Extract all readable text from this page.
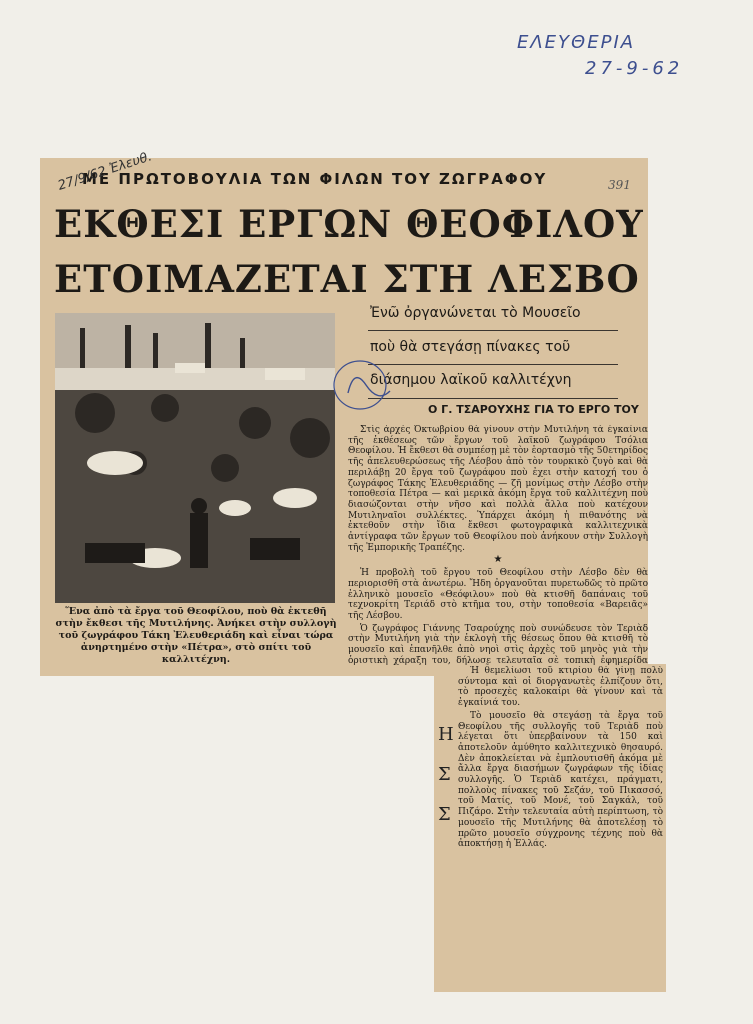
ΕΛΕΥΘΕΡΙΑ
27-9-62
ΜΕ ΠΡΩΤΟΒΟΥΛΙΑ ΤΩΝ ΦΙΛΩΝ ΤΟΥ ΖΩΓΡΑΦΟΥ	391
27/9/62 Ἐλευθ.
ΕΚΘΕΣΙ ΕΡΓΩΝ ΘΕΟΦΙΛΟΥ
ΕΤΟΙΜΑΖΕΤΑΙ ΣΤΗ ΛΕΣΒΟ
Ἕνα ἀπὸ τὰ ἔργα τοῦ Θεοφίλου, ποὺ θὰ ἐκτεθῆ στὴν ἔκθεσι τῆς Μυτιλήνης. Ἀνήκει στὴν συλλογὴ τοῦ ζωγράφου Τάκη Ἐλευθεριάδη καὶ εἶναι τώρα ἀνηρτημένο στὴν «Πέτρα», στὸ σπίτι τοῦ καλλιτέχνη.
Ἐνῶ ὀργανώνεται τὸ Μουσεῖο
ποὺ θὰ στεγάσῃ πίνακες τοῦ
διάσημου λαϊκοῦ καλλιτέχνη
Ο Γ. ΤΣΑΡΟΥΧΗΣ ΓΙΑ ΤΟ ΕΡΓΟ ΤΟΥ

Στὶς ἀρχὲς Ὀκτωβρίου θὰ γίνουν στὴν Μυτιλήνη τὰ ἐγκαίνια τῆς ἐκθέσεως τῶν ἔργων τοῦ λαϊκοῦ ζωγράφου Τσόλια Θεοφίλου. Ἡ ἔκθεσι θὰ συμπέσῃ μὲ τὸν ἑορτασμὸ τῆς 50ετηρίδος τῆς ἀπελευθερώσεως τῆς Λέσβου ἀπὸ τὸν τουρκικὸ ζυγὸ καὶ θὰ περιλάβῃ 20 ἔργα τοῦ ζωγράφου ποὺ ἐχει στὴν κατοχή του ὁ ζωγράφος Τάκης Ἐλευθεριάδης — ζῆ μονίμως στὴν Λέσβο στὴν τοποθεσία Πέτρα — καὶ μερικὰ ἀκόμη ἔργα τοῦ καλλιτέχνη ποὺ διασώζονται στὴν νῆσο καὶ πολλὰ ἄλλα ποὺ κατέχουν Μυτιληναῖοι συλλέκτες. Ὑπάρχει ἀκόμη ἡ πιθανότης νὰ ἐκτεθοῦν στὴν ἴδια ἔκθεσι φωτογραφικὰ καλλιτεχνικὰ ἀντίγραφα τῶν ἔργων τοῦ Θεοφίλου ποὺ ἀνήκουν στὴν Συλλογὴ τῆς Ἐμπορικῆς Τραπέζης.

★

Ἡ προβολὴ τοῦ ἔργου τοῦ Θεοφίλου στὴν Λέσβο δὲν θὰ περιορισθῆ στὰ ἀνωτέρω. Ἤδη ὀργανοῦται πυρετωδῶς τὸ πρῶτο ἑλληνικὸ μουσεῖο «Θεόφιλου» ποὺ θὰ κτισθῆ δαπάναις τοῦ τεχνοκρίτη Τεριάδ στὸ κτῆμα του, στὴν τοποθεσία «Βαρειᾶς» τῆς Λέσβου.

Ὁ ζωγράφος Γιάννης Τσαρούχης ποὺ συνώδευσε τὸν Τεριὰδ στὴν Μυτιλήνη γιὰ τὴν ἐκλογὴ τῆς θέσεως ὅπου θὰ κτισθῆ τὸ μουσεῖο καὶ ἐπανῆλθε ἀπὸ νηοὶ στὶς ἀρχὲς τοῦ μηνὸς γιὰ τὴν ὁριστικὴ χάραξη του, δήλωσε τελευταῖα σὲ τοπικὴ ἐφημερίδα

Η
Σ
Σ

Ἡ θεμελίωσι τοῦ κτιρίου θὰ γίνῃ πολὺ σύντομα καὶ οἱ διοργανωτὲς ἐλπίζουν ὅτι, τὸ προσεχὲς καλοκαίρι θὰ γίνουν καὶ τὰ ἐγκαίνιά του.

Τὸ μουσεῖο θὰ στεγάσῃ τὰ ἔργα τοῦ Θεοφίλου τῆς συλλογῆς τοῦ Τεριὰδ ποὺ λέγεται ὅτι ὑπερβαίνουν τὰ 150 καὶ ἀποτελοῦν ἀμύθητο καλλιτεχνικὸ θησαυρό. Δὲν ἀποκλείεται νὰ ἐμπλουτισθῆ ἀκόμα μὲ ἄλλα ἔργα διασήμων ζωγράφων τῆς ἰδίας συλλογῆς. Ὁ Τεριὰδ κατέχει, πράγματι, πολλοὺς πίνακες τοῦ Σεζάν, τοῦ Πικασσό, τοῦ Ματίς, τοῦ Μονέ, τοῦ Σαγκάλ, τοῦ Πιζάρο. Στὴν τελευταία αὐτὴ περίπτωση, τὸ μουσεῖο τῆς Μυτιλήνης θὰ ἀποτελέσῃ τὸ πρῶτο μουσεῖο σύγχρονης τέχνης ποὺ θὰ ἀποκτήσῃ ἡ Ἑλλάς.
